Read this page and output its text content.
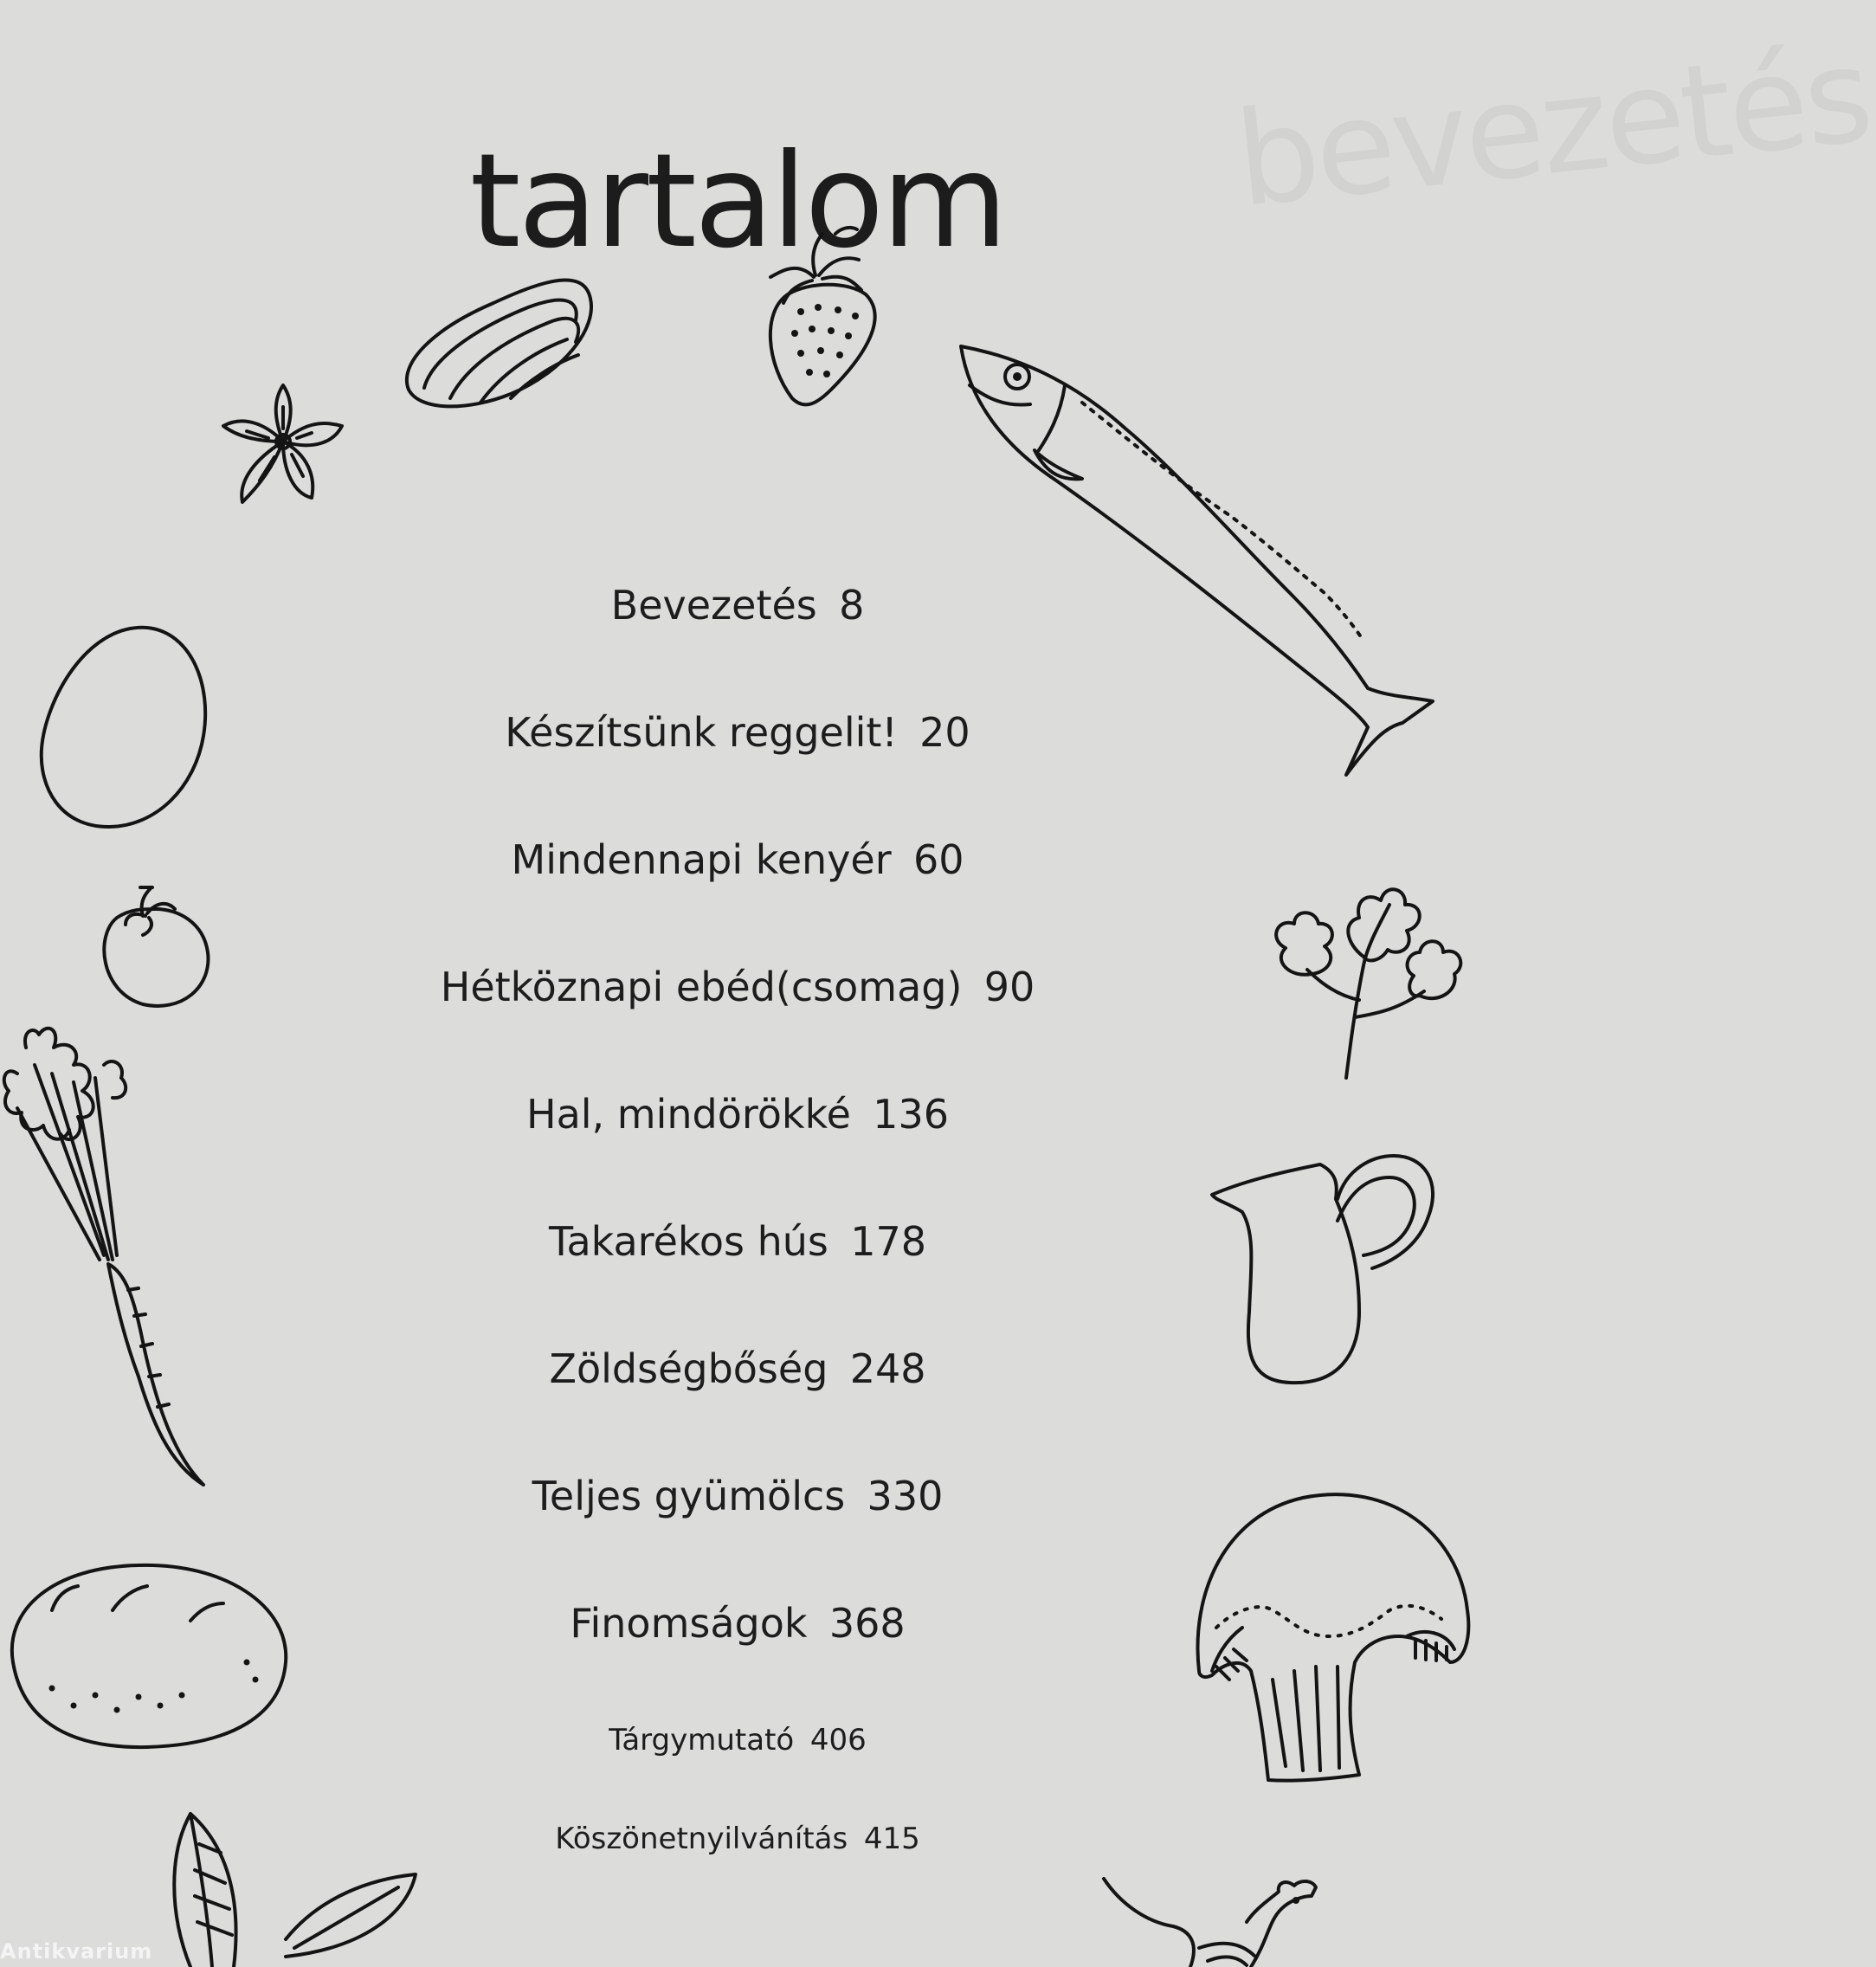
bevezetés
tartalom
Bevezetés 8
Készítsünk reggelit! 20
Mindennapi kenyér 60
Hétköznapi ebéd(csomag) 90
Hal, mindörökké 136
Takarékos hús 178
Zöldségbőség 248
Teljes gyümölcs 330
Finomságok 368
Tárgymutató 406
Köszönetnyilvánítás 415
Antikvarium
